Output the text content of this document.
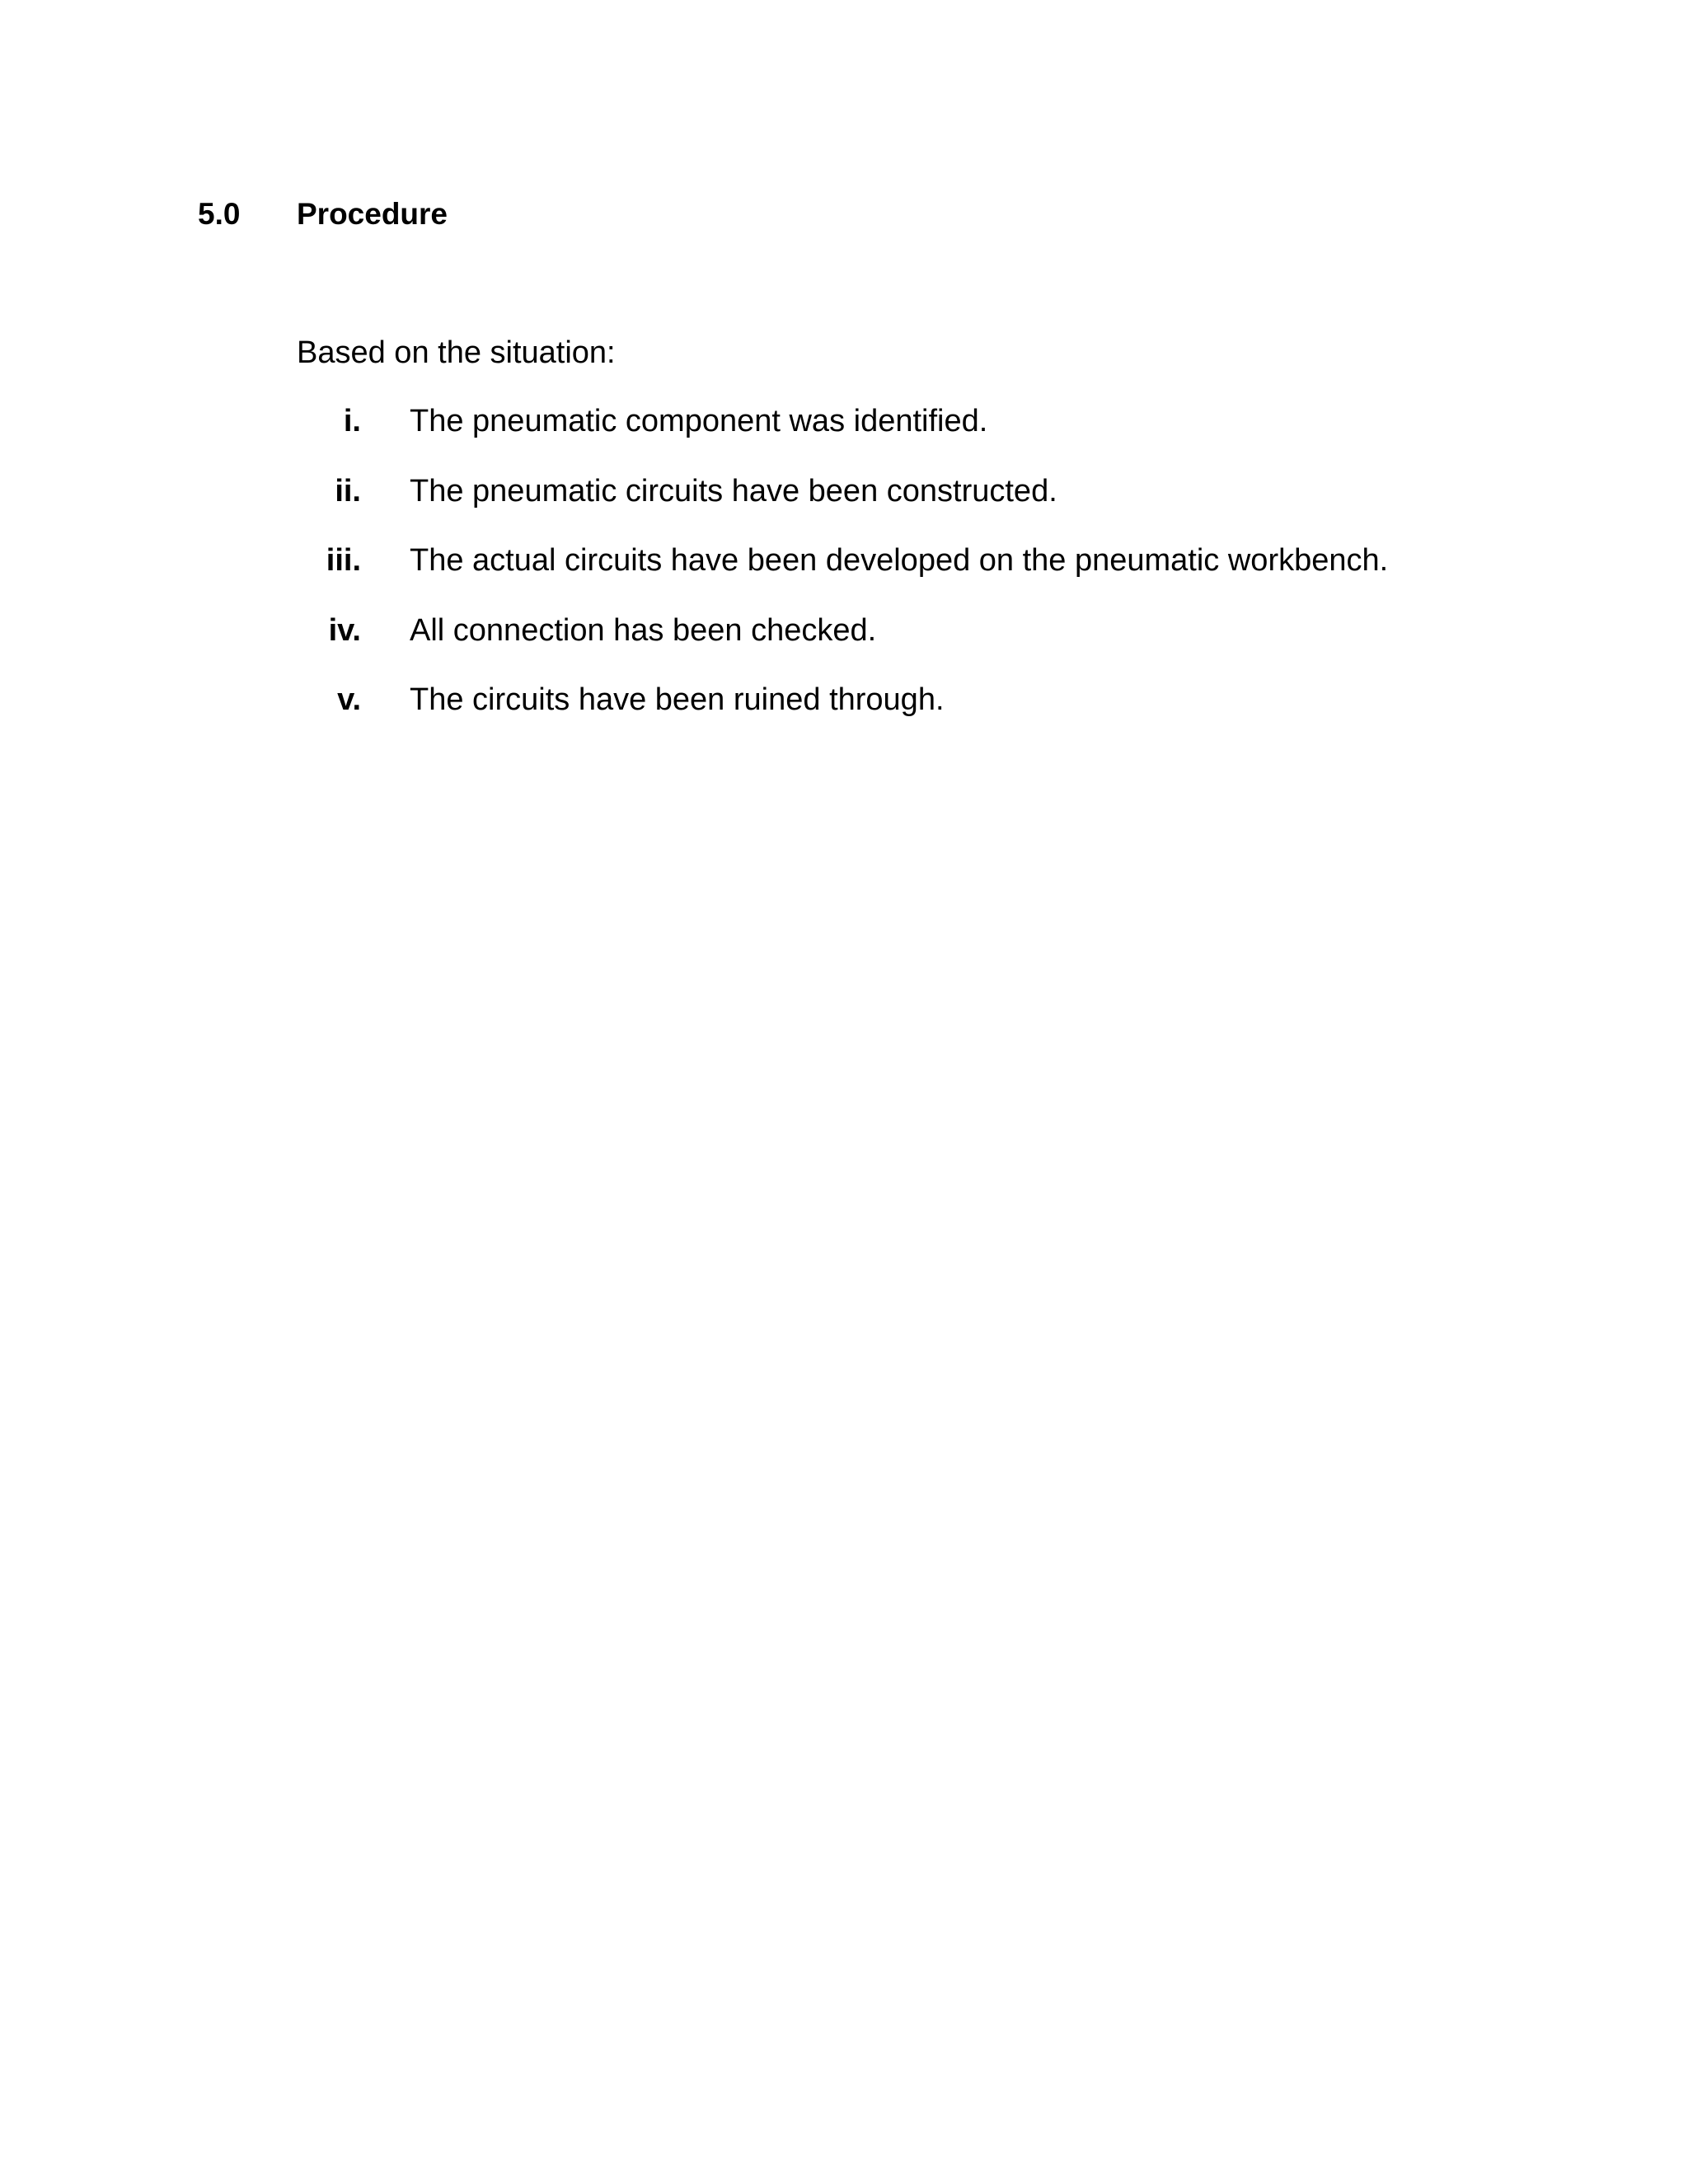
5.0	Procedure
Based on the situation:
i. The pneumatic component was identified.
ii. The pneumatic circuits have been constructed.
iii. The actual circuits have been developed on the pneumatic workbench.
iv. All connection has been checked.
v. The circuits have been ruined through.
